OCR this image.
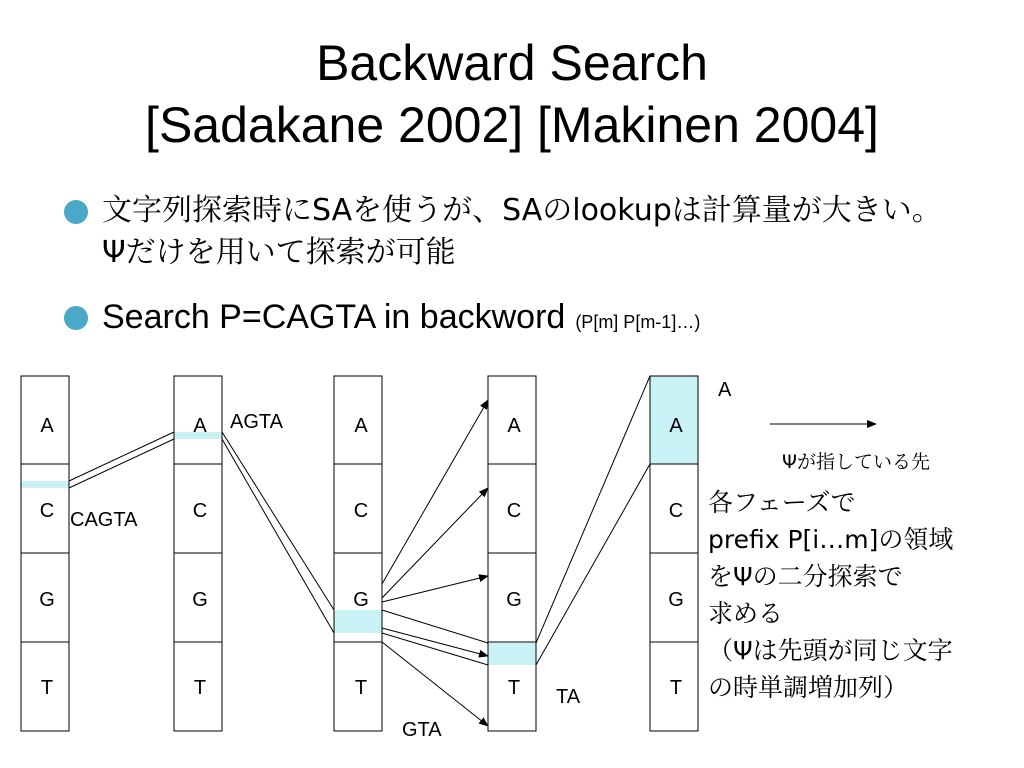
Backward Search
[Sadakane 2002] [Makinen 2004]
文字列探索時にSAを使うが、SAのlookupは計算量が大きい。Ψだけを用いて探索が可能
Search P=CAGTA in backword (P[m] P[m-1]…)
A
C
G
T
A
C
G
T
A
C
G
T
A
C
G
T
A
C
G
T
Ψが指している先
CAGTA
AGTA
GTA
TA
A
各フェーズで
prefix P[i…m]の領域
をΨの二分探索で
求める
（Ψは先頭が同じ文字
の時単調増加列）
